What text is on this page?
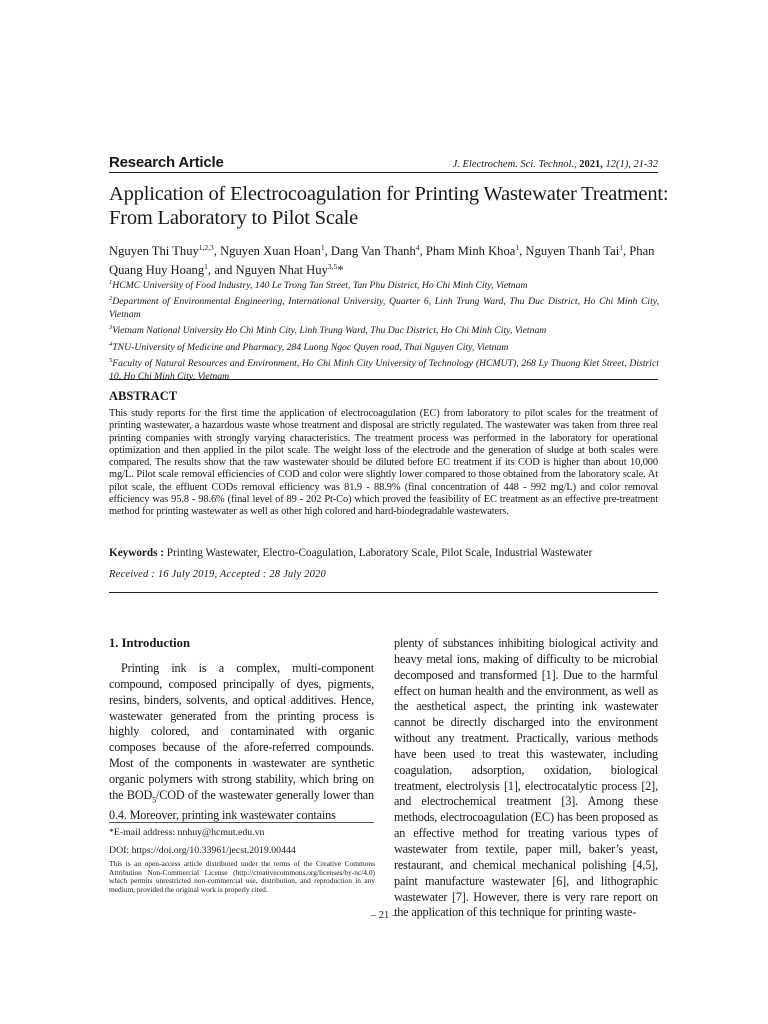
Research Article	J. Electrochem. Sci. Technol., 2021, 12(1), 21-32
Application of Electrocoagulation for Printing Wastewater Treatment:
From Laboratory to Pilot Scale
Nguyen Thi Thuy$^{1,2,3}$, Nguyen Xuan Hoan$^1$, Dang Van Thanh$^4$, Pham Minh Khoa$^1$, Nguyen Thanh Tai$^1$, Phan Quang Huy Hoang$^1$, and Nguyen Nhat Huy$^{3,5}$*
$^1$HCMC University of Food Industry, 140 Le Trong Tan Street, Tan Phu District, Ho Chi Minh City, Vietnam
$^2$Department of Environmental Engineering, International University, Quarter 6, Linh Trung Ward, Thu Duc District, Ho Chi Minh City, Vietnam
$^3$Vietnam National University Ho Chi Minh City, Linh Trung Ward, Thu Duc District, Ho Chi Minh City, Vietnam
$^4$TNU-University of Medicine and Pharmacy, 284 Luong Ngoc Quyen road, Thai Nguyen City, Vietnam
$^5$Faculty of Natural Resources and Environment, Ho Chi Minh City University of Technology (HCMUT), 268 Ly Thuong Kiet Street, District 10, Ho Chi Minh City, Vietnam
ABSTRACT
This study reports for the first time the application of electrocoagulation (EC) from laboratory to pilot scales for the treatment of printing wastewater, a hazardous waste whose treatment and disposal are strictly regulated. The wastewater was taken from three real printing companies with strongly varying characteristics. The treatment process was performed in the laboratory for operational optimization and then applied in the pilot scale. The weight loss of the electrode and the generation of sludge at both scales were compared. The results show that the raw wastewater should be diluted before EC treatment if its COD is higher than about 10,000 mg/L. Pilot scale removal efficiencies of COD and color were slightly lower compared to those obtained from the laboratory scale. At pilot scale, the effluent CODs removal efficiency was 81.9 - 88.9% (final concentration of 448 - 992 mg/L) and color removal efficiency was 95.8 - 98.6% (final level of 89 - 202 Pt-Co) which proved the feasibility of EC treatment as an effective pre-treatment method for printing wastewater as well as other high colored and hard-biodegradable wastewaters.
Keywords : Printing Wastewater, Electro-Coagulation, Laboratory Scale, Pilot Scale, Industrial Wastewater
Received : 16 July 2019, Accepted : 28 July 2020
1. Introduction
Printing ink is a complex, multi-component compound, composed principally of dyes, pigments, resins, binders, solvents, and optical additives. Hence, wastewater generated from the printing process is highly colored, and contaminated with organic composes because of the afore-referred compounds. Most of the components in wastewater are synthetic organic polymers with strong stability, which bring on the $BOD_5$/COD of the wastewater generally lower than 0.4. Moreover, printing ink wastewater contains
plenty of substances inhibiting biological activity and heavy metal ions, making of difficulty to be microbial decomposed and transformed [1]. Due to the harmful effect on human health and the environment, as well as the aesthetical aspect, the printing ink wastewater cannot be directly discharged into the environment without any treatment. Practically, various methods have been used to treat this wastewater, including coagulation, adsorption, oxidation, biological treatment, electrolysis [1], electrocatalytic process [2], and electrochemical treatment [3]. Among these methods, electrocoagulation (EC) has been proposed as an effective method for treating various types of wastewater from textile, paper mill, baker’s yeast, restaurant, and chemical mechanical polishing [4,5], paint manufacture wastewater [6], and lithographic wastewater [7]. However, there is very rare report on the application of this technique for printing waste-
*E-mail address: nnhuy@hcmut.edu.vn
DOI: https://doi.org/10.33961/jecst.2019.00444
This is an open-access article distributed under the terms of the Creative Commons Attribution Non-Commercial License (http://creativecommons.org/licenses/by-nc/4.0) which permits unrestricted non-commercial use, distribution, and reproduction in any medium, provided the original work is properly cited.
– 21 –
